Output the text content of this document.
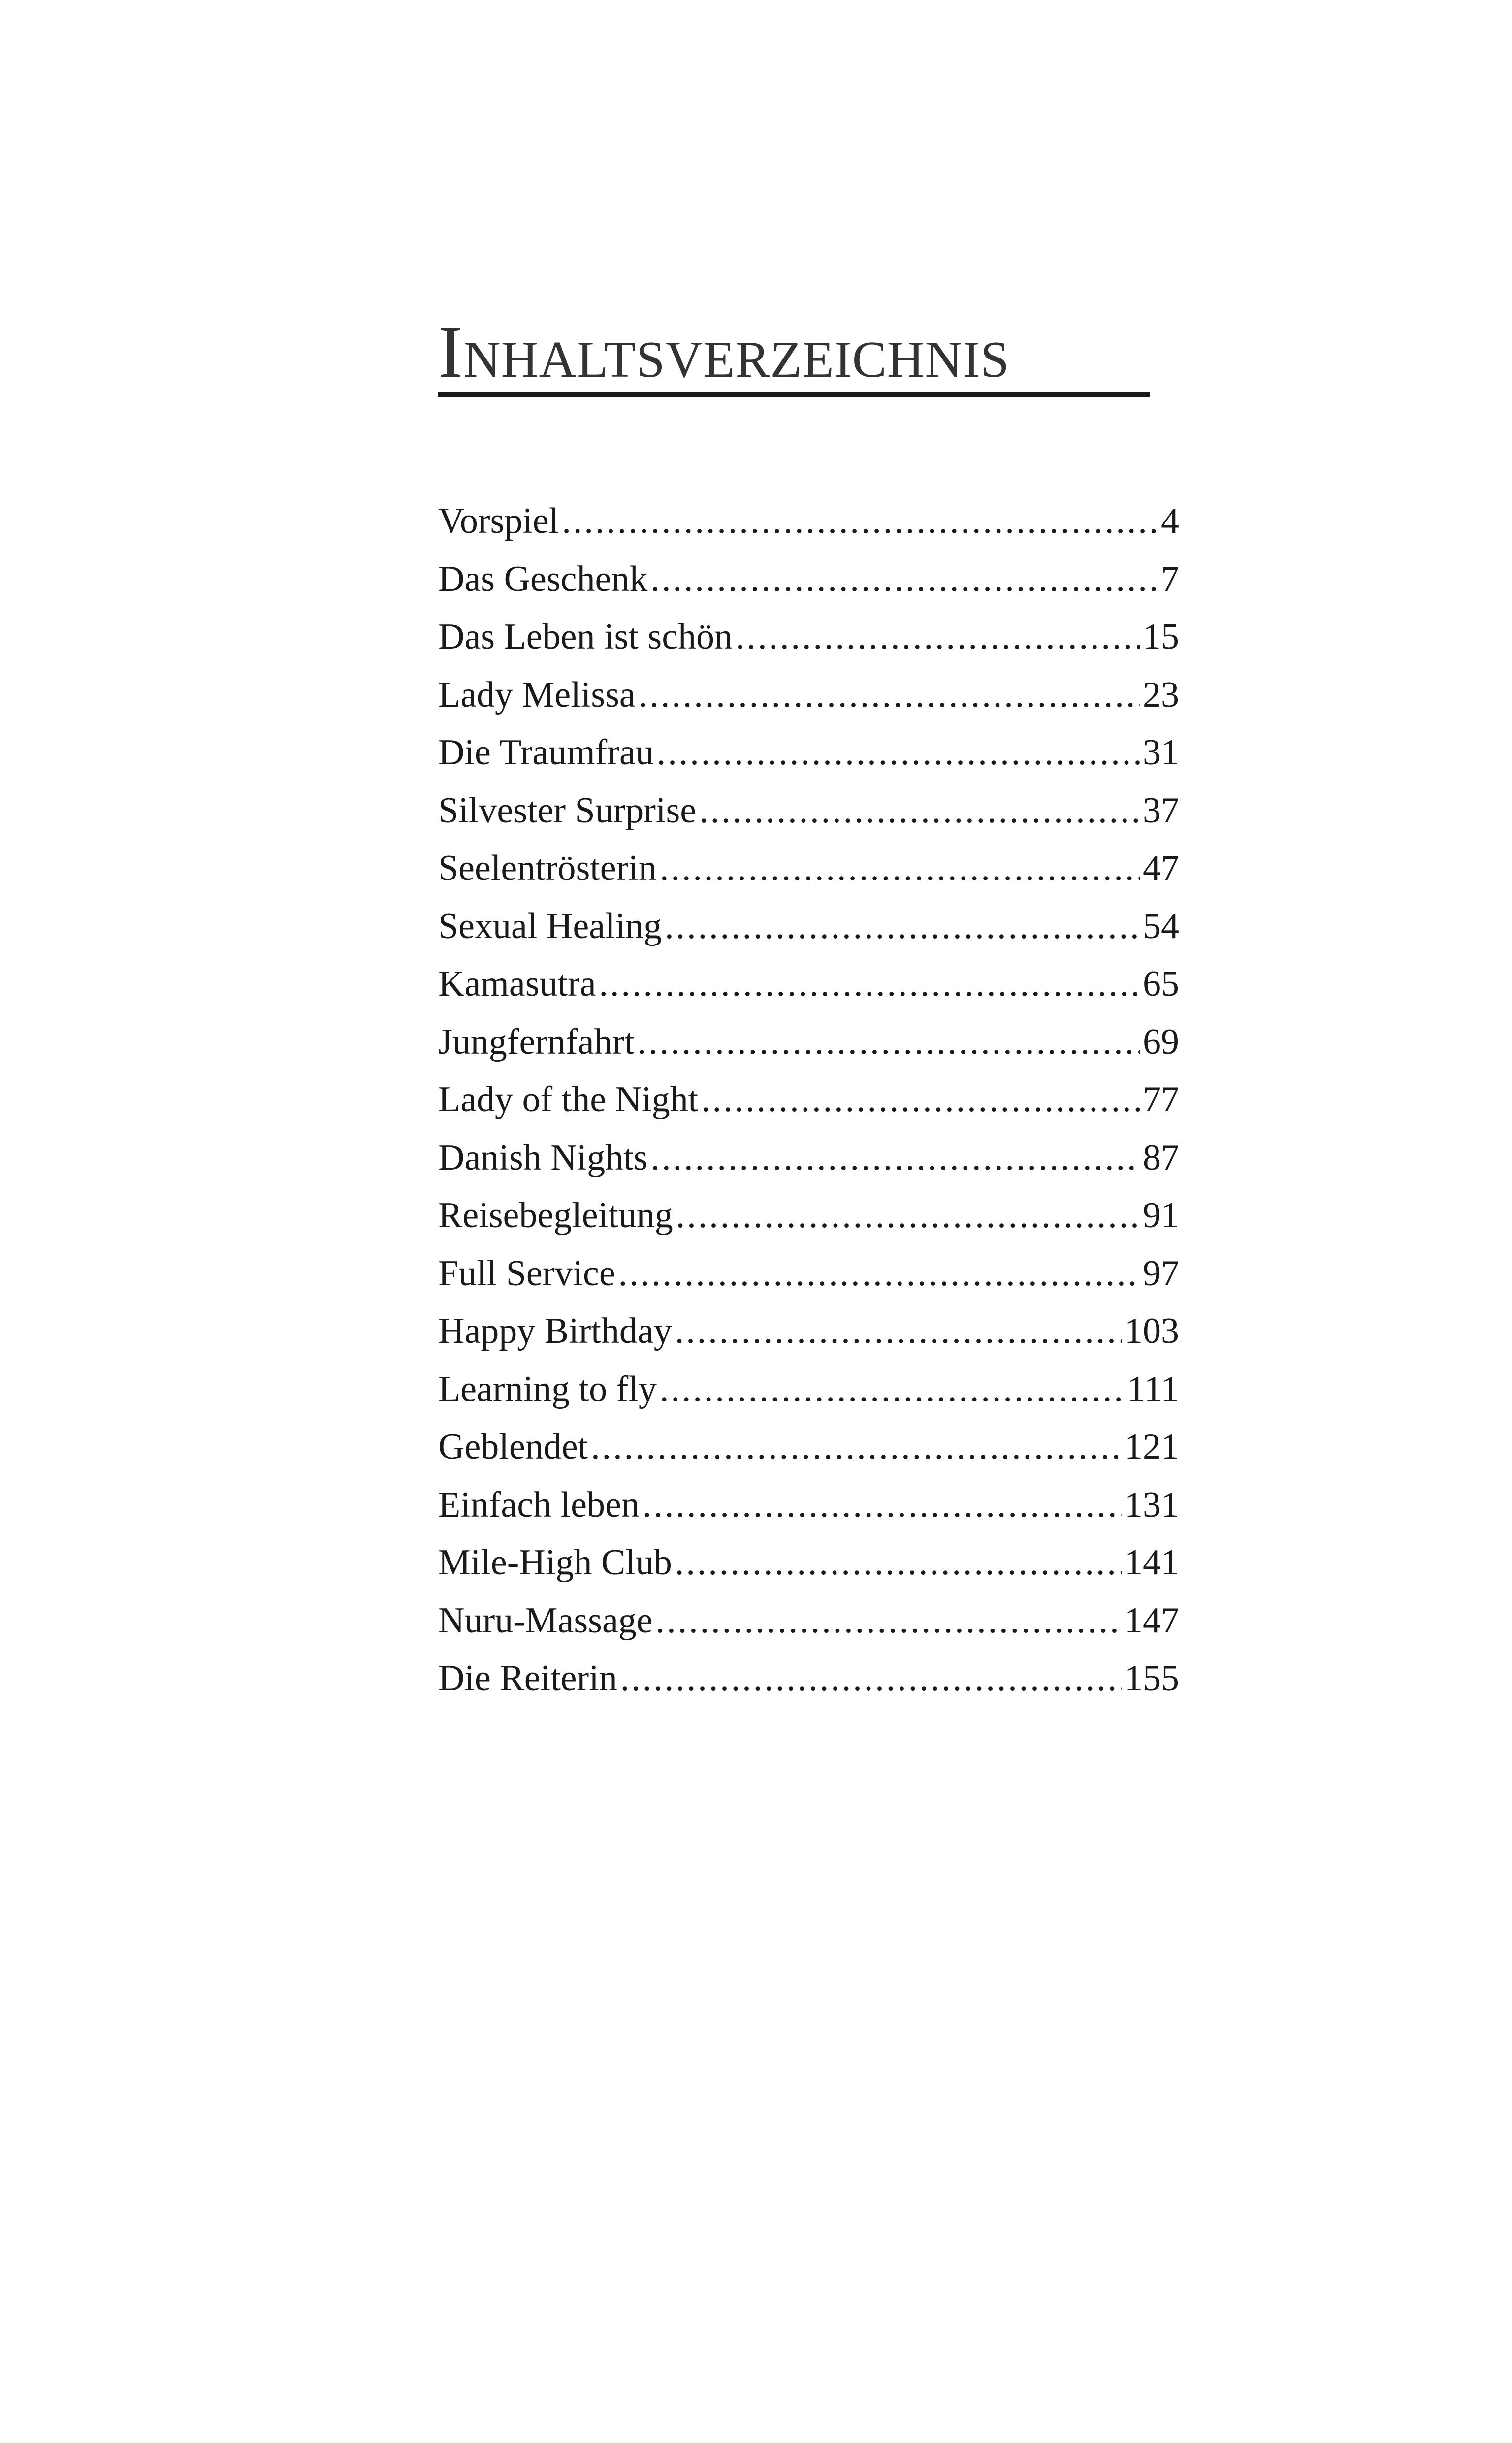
Inhaltsverzeichnis
Vorspiel .....	4
Das Geschenk .....	7
Das Leben ist schön .....	15
Lady Melissa .....	23
Die Traumfrau .....	31
Silvester Surprise .....	37
Seelentrösterin .....	47
Sexual Healing .....	54
Kamasutra .....	65
Jungfernfahrt .....	69
Lady of the Night .....	77
Danish Nights .....	87
Reisebegleitung .....	91
Full Service .....	97
Happy Birthday .....	103
Learning to fly .....	111
Geblendet .....	121
Einfach leben .....	131
Mile-High Club .....	141
Nuru-Massage .....	147
Die Reiterin .....	155
